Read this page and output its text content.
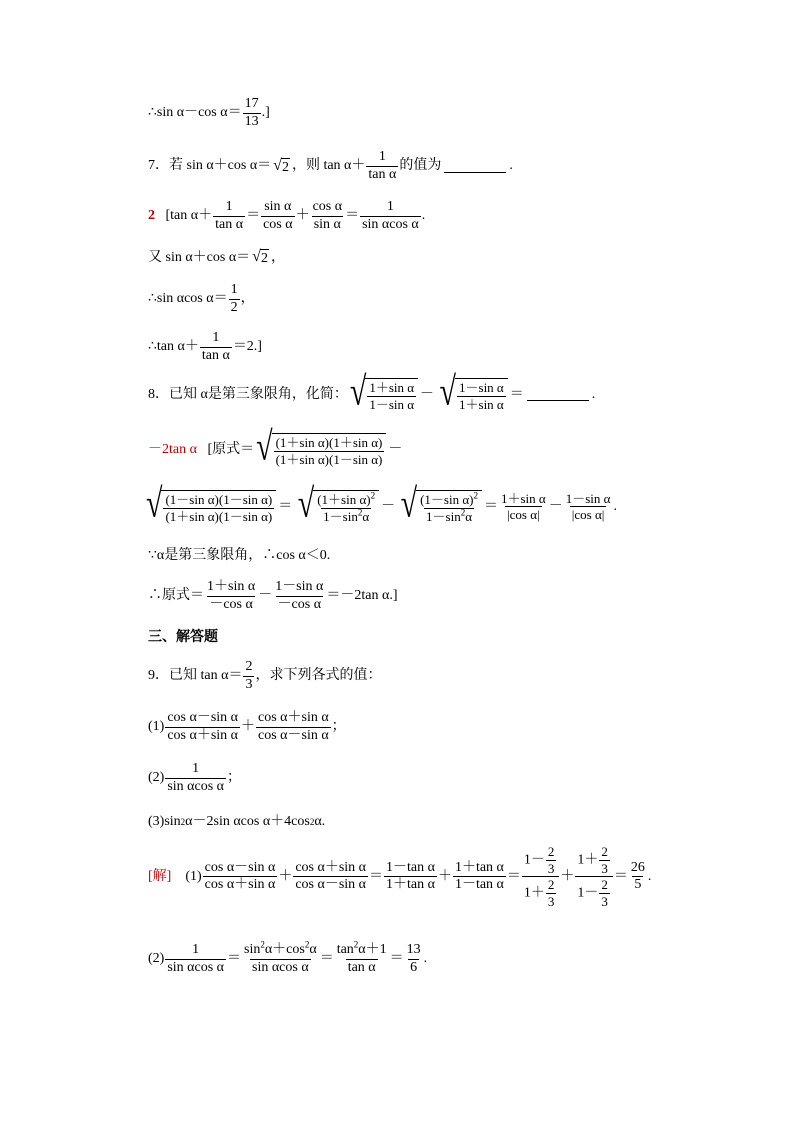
∴sin α－cos $\alpha= \frac{17}{13}$ .]
7．若 sin α＋cos α＝ √ 2 ，则 $\tan \alpha+ \frac{1}{\text{tan α}}$ 的值为	.
2 [tan $\alpha+ \frac{1}{\text{tan α}} = \frac{\text{sin α}}{\text{cos α}} + \frac{\text{cos α}}{\text{sin α}} = \frac{1}{\text{sin αcos α}}$ .
又 sin α＋cos α＝ √ 2 ，
∴sin αcos $\alpha= \frac{1}{2}$ ，
∴tan $\alpha+ \frac{1}{\text{tan α}} =2$.]
8．已知 α是第三象限角，化简： √ $\frac{\text{1＋sin α}}{\text{1－sin α}}$ － √ $\frac{\text{1－sin α}}{\text{1＋sin α}}$ ＝	.
－2tan α [原式＝ √ $\frac{\text{(1＋sin α)(1＋sin α)}}{\text{(1＋sin α)(1－sin α)}}$ －
√ $\frac{\text{(1－sin α)(1－sin α)}}{\text{(1＋sin α)(1－sin α)}}$ ＝ √ $\frac{(1+\sin \alpha)^2}{1-\sin^2\alpha}$ － √ $\frac{(1-\sin \alpha)^2}{1-\sin^2\alpha} = \frac{\text{1＋sin α}}{\text{|cos α|}} - \frac{\text{1－sin α}}{\text{|cos α|}}$ .
∵α是第三象限角，∴cos α＜0.
∴原式＝ $\frac{\text{1＋sin α}}{\text{－cos α}} - \frac{\text{1－sin α}}{\text{－cos α}} =-2\tan$ α.]
三、解答题
9．已知 $\tan \alpha= \frac{2}{3}$ ，求下列各式的值：
$(1) \frac{\text{cos α－sin α}}{\text{cos α＋sin α}} + \frac{\text{cos α＋sin α}}{\text{cos α－sin α}}$ ；
$(2) \frac{1}{\text{sin αcos α}}$ ；
(3)sin 2 α－2sin αcos α＋4cos 2 α.
[解] $(1) \frac{\text{cos α－sin α}}{\text{cos α＋sin α}} + \frac{\text{cos α＋sin α}}{\text{cos α－sin α}} = \frac{\text{1－tan α}}{\text{1＋tan α}} + \frac{\text{1＋tan α}}{\text{1－tan α}} = \frac{1- \frac{2}{3}}{1+ \frac{2}{3}} + \frac{1+ \frac{2}{3}}{1- \frac{2}{3}} = \frac{26}{5}$ .
$(2) \frac{1}{\text{sin αcos α}} = \frac{\sin^2\alpha+\cos^2\alpha}{\text{sin αcos α}} = \frac{\tan^2\alpha+1}{\text{tan α}} = \frac{13}{6}$ .
